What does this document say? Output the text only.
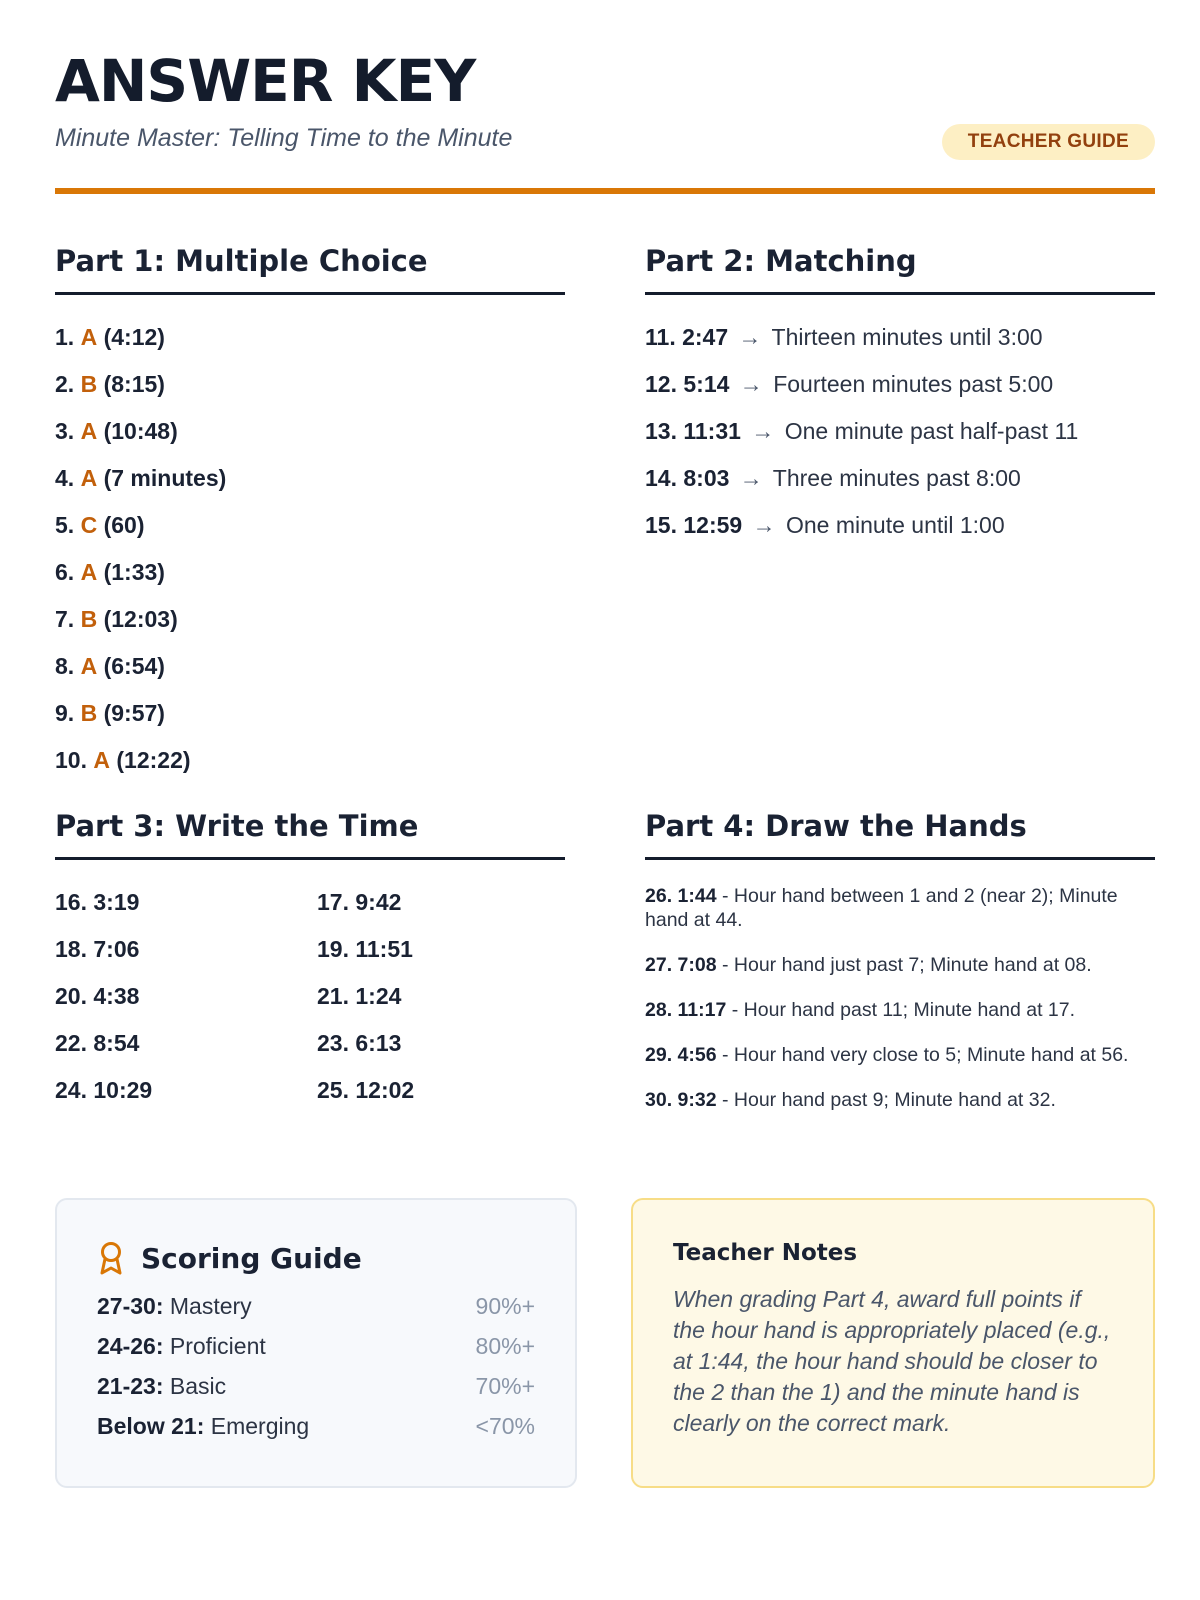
ANSWER KEY
Minute Master: Telling Time to the Minute	TEACHER GUIDE
Part 1: Multiple Choice
1. A (4:12)
2. B (8:15)
3. A (10:48)
4. A (7 minutes)
5. C (60)
6. A (1:33)
7. B (12:03)
8. A (6:54)
9. B (9:57)
10. A (12:22)
Part 2: Matching
11. 2:47 → Thirteen minutes until 3:00
12. 5:14 → Fourteen minutes past 5:00
13. 11:31 → One minute past half-past 11
14. 8:03 → Three minutes past 8:00
15. 12:59 → One minute until 1:00
Part 3: Write the Time
16. 3:19	17. 9:42
18. 7:06	19. 11:51
20. 4:38	21. 1:24
22. 8:54	23. 6:13
24. 10:29	25. 12:02
Part 4: Draw the Hands
26. 1:44 - Hour hand between 1 and 2 (near 2); Minute hand at 44.
27. 7:08 - Hour hand just past 7; Minute hand at 08.
28. 11:17 - Hour hand past 11; Minute hand at 17.
29. 4:56 - Hour hand very close to 5; Minute hand at 56.
30. 9:32 - Hour hand past 9; Minute hand at 32.
Scoring Guide
27-30: Mastery	90%+
24-26: Proficient	80%+
21-23: Basic	70%+
Below 21: Emerging	<70%
Teacher Notes
When grading Part 4, award full points if the hour hand is appropriately placed (e.g., at 1:44, the hour hand should be closer to the 2 than the 1) and the minute hand is clearly on the correct mark.
